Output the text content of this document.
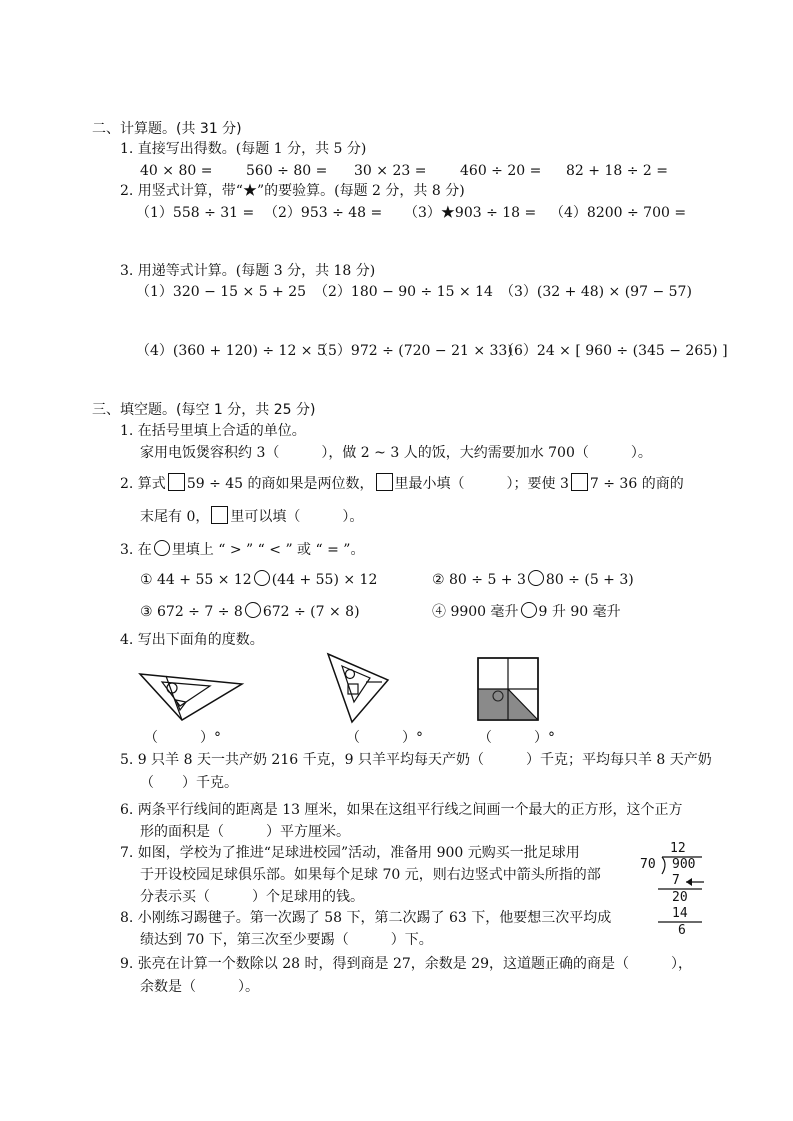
二、计算题。(共 31 分)
1. 直接写出得数。(每题 1 分，共 5 分)
40 × 80 = 560 ÷ 80 = 30 × 23 = 460 ÷ 20 = 82 + 18 ÷ 2 =
2. 用竖式计算，带“★”的要验算。(每题 2 分，共 8 分)
（1）558 ÷ 31 = （2）953 ÷ 48 = （3）★903 ÷ 18 = （4）8200 ÷ 700 =
3. 用递等式计算。(每题 3 分，共 18 分)
（1）320 − 15 × 5 + 25 （2）180 − 90 ÷ 15 × 14 （3）(32 + 48) × (97 − 57)
（4）(360 + 120) ÷ 12 × 5
（5）972 ÷ (720 − 21 × 33)
（6）24 × [ 960 ÷ (345 − 265) ]
三、填空题。(每空 1 分，共 25 分)
1. 在括号里填上合适的单位。
家用电饭煲容积约 3（　　　），做 2 ~ 3 人的饭，大约需要加水 700（　　　）。
2. 算式 59 ÷ 45 的商如果是两位数， 里最小填（　　　）；要使 3 7 ÷ 36 的商的
末尾有 0， 里可以填（　　　）。
3. 在 里填上 “ > ” “ < ” 或 “ = ”。
① 44 + 55 × 12 (44 + 55) × 12	② 80 ÷ 5 + 3 80 ÷ (5 + 3)
③ 672 ÷ 7 ÷ 8 672 ÷ (7 × 8)	④ 9900 毫升 9 升 90 毫升
4. 写出下面角的度数。
（　　　）°	（　　　）°	（　　　）°
5. 9 只羊 8 天一共产奶 216 千克，9 只羊平均每天产奶（　　　）千克；平均每只羊 8 天产奶
（　　）千克。
6. 两条平行线间的距离是 13 厘米，如果在这组平行线之间画一个最大的正方形，这个正方
形的面积是（　　　）平方厘米。
7. 如图，学校为了推进“足球进校园”活动，准备用 900 元购买一批足球用
于开设校园足球俱乐部。如果每个足球 70 元，则右边竖式中箭头所指的部
分表示买（　　　）个足球用的钱。
12
70 900
7
20
14
6
8. 小刚练习踢毽子。第一次踢了 58 下，第二次踢了 63 下，他要想三次平均成
绩达到 70 下，第三次至少要踢（　　　）下。
9. 张亮在计算一个数除以 28 时，得到商是 27，余数是 29，这道题正确的商是（　　　），
余数是（　　　）。
